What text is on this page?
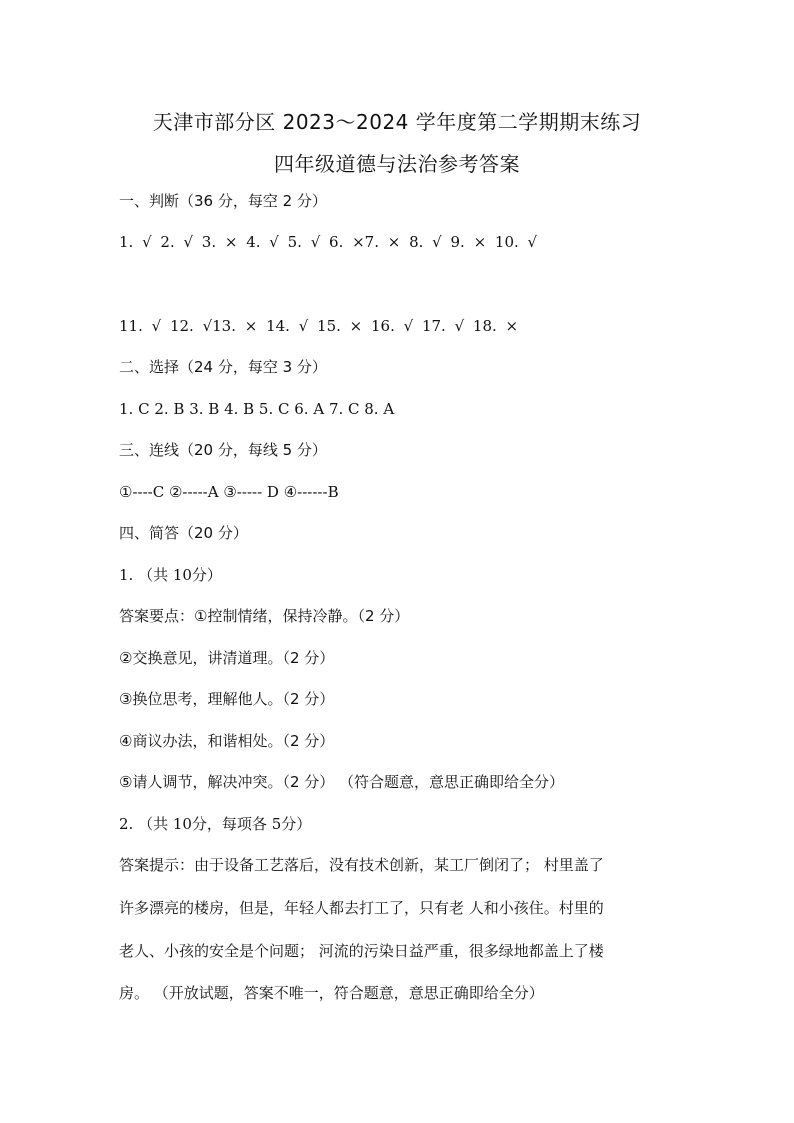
天津市部分区 2023～2024 学年度第二学期期末练习
四年级道德与法治参考答案
一、判断（36 分，每空 2 分）
1. √ 2. √ 3. × 4. √ 5. √ 6. ×7. × 8. √ 9. × 10. √
11. √ 12. √13. × 14. √ 15. × 16. √ 17. √ 18. ×
二、选择（24 分，每空 3 分）
1. C 2. B 3. B 4. B 5. C 6. A 7. C 8. A
三、连线（20 分，每线 5 分）
①----C ②-----A ③----- D ④------B
四、简答（20 分）
1. （共 10分）
答案要点：①控制情绪，保持冷静。（2 分）
②交换意见，讲清道理。（2 分）
③换位思考，理解他人。（2 分）
④商议办法，和谐相处。（2 分）
⑤请人调节，解决冲突。（2 分） （符合题意，意思正确即给全分）
2. （共 10分，每项各 5分）
答案提示：由于设备工艺落后，没有技术创新，某工厂倒闭了； 村里盖了
许多漂亮的楼房，但是，年轻人都去打工了，只有老 人和小孩住。村里的
老人、小孩的安全是个问题； 河流的污染日益严重，很多绿地都盖上了楼
房。 （开放试题，答案不唯一，符合题意，意思正确即给全分）
